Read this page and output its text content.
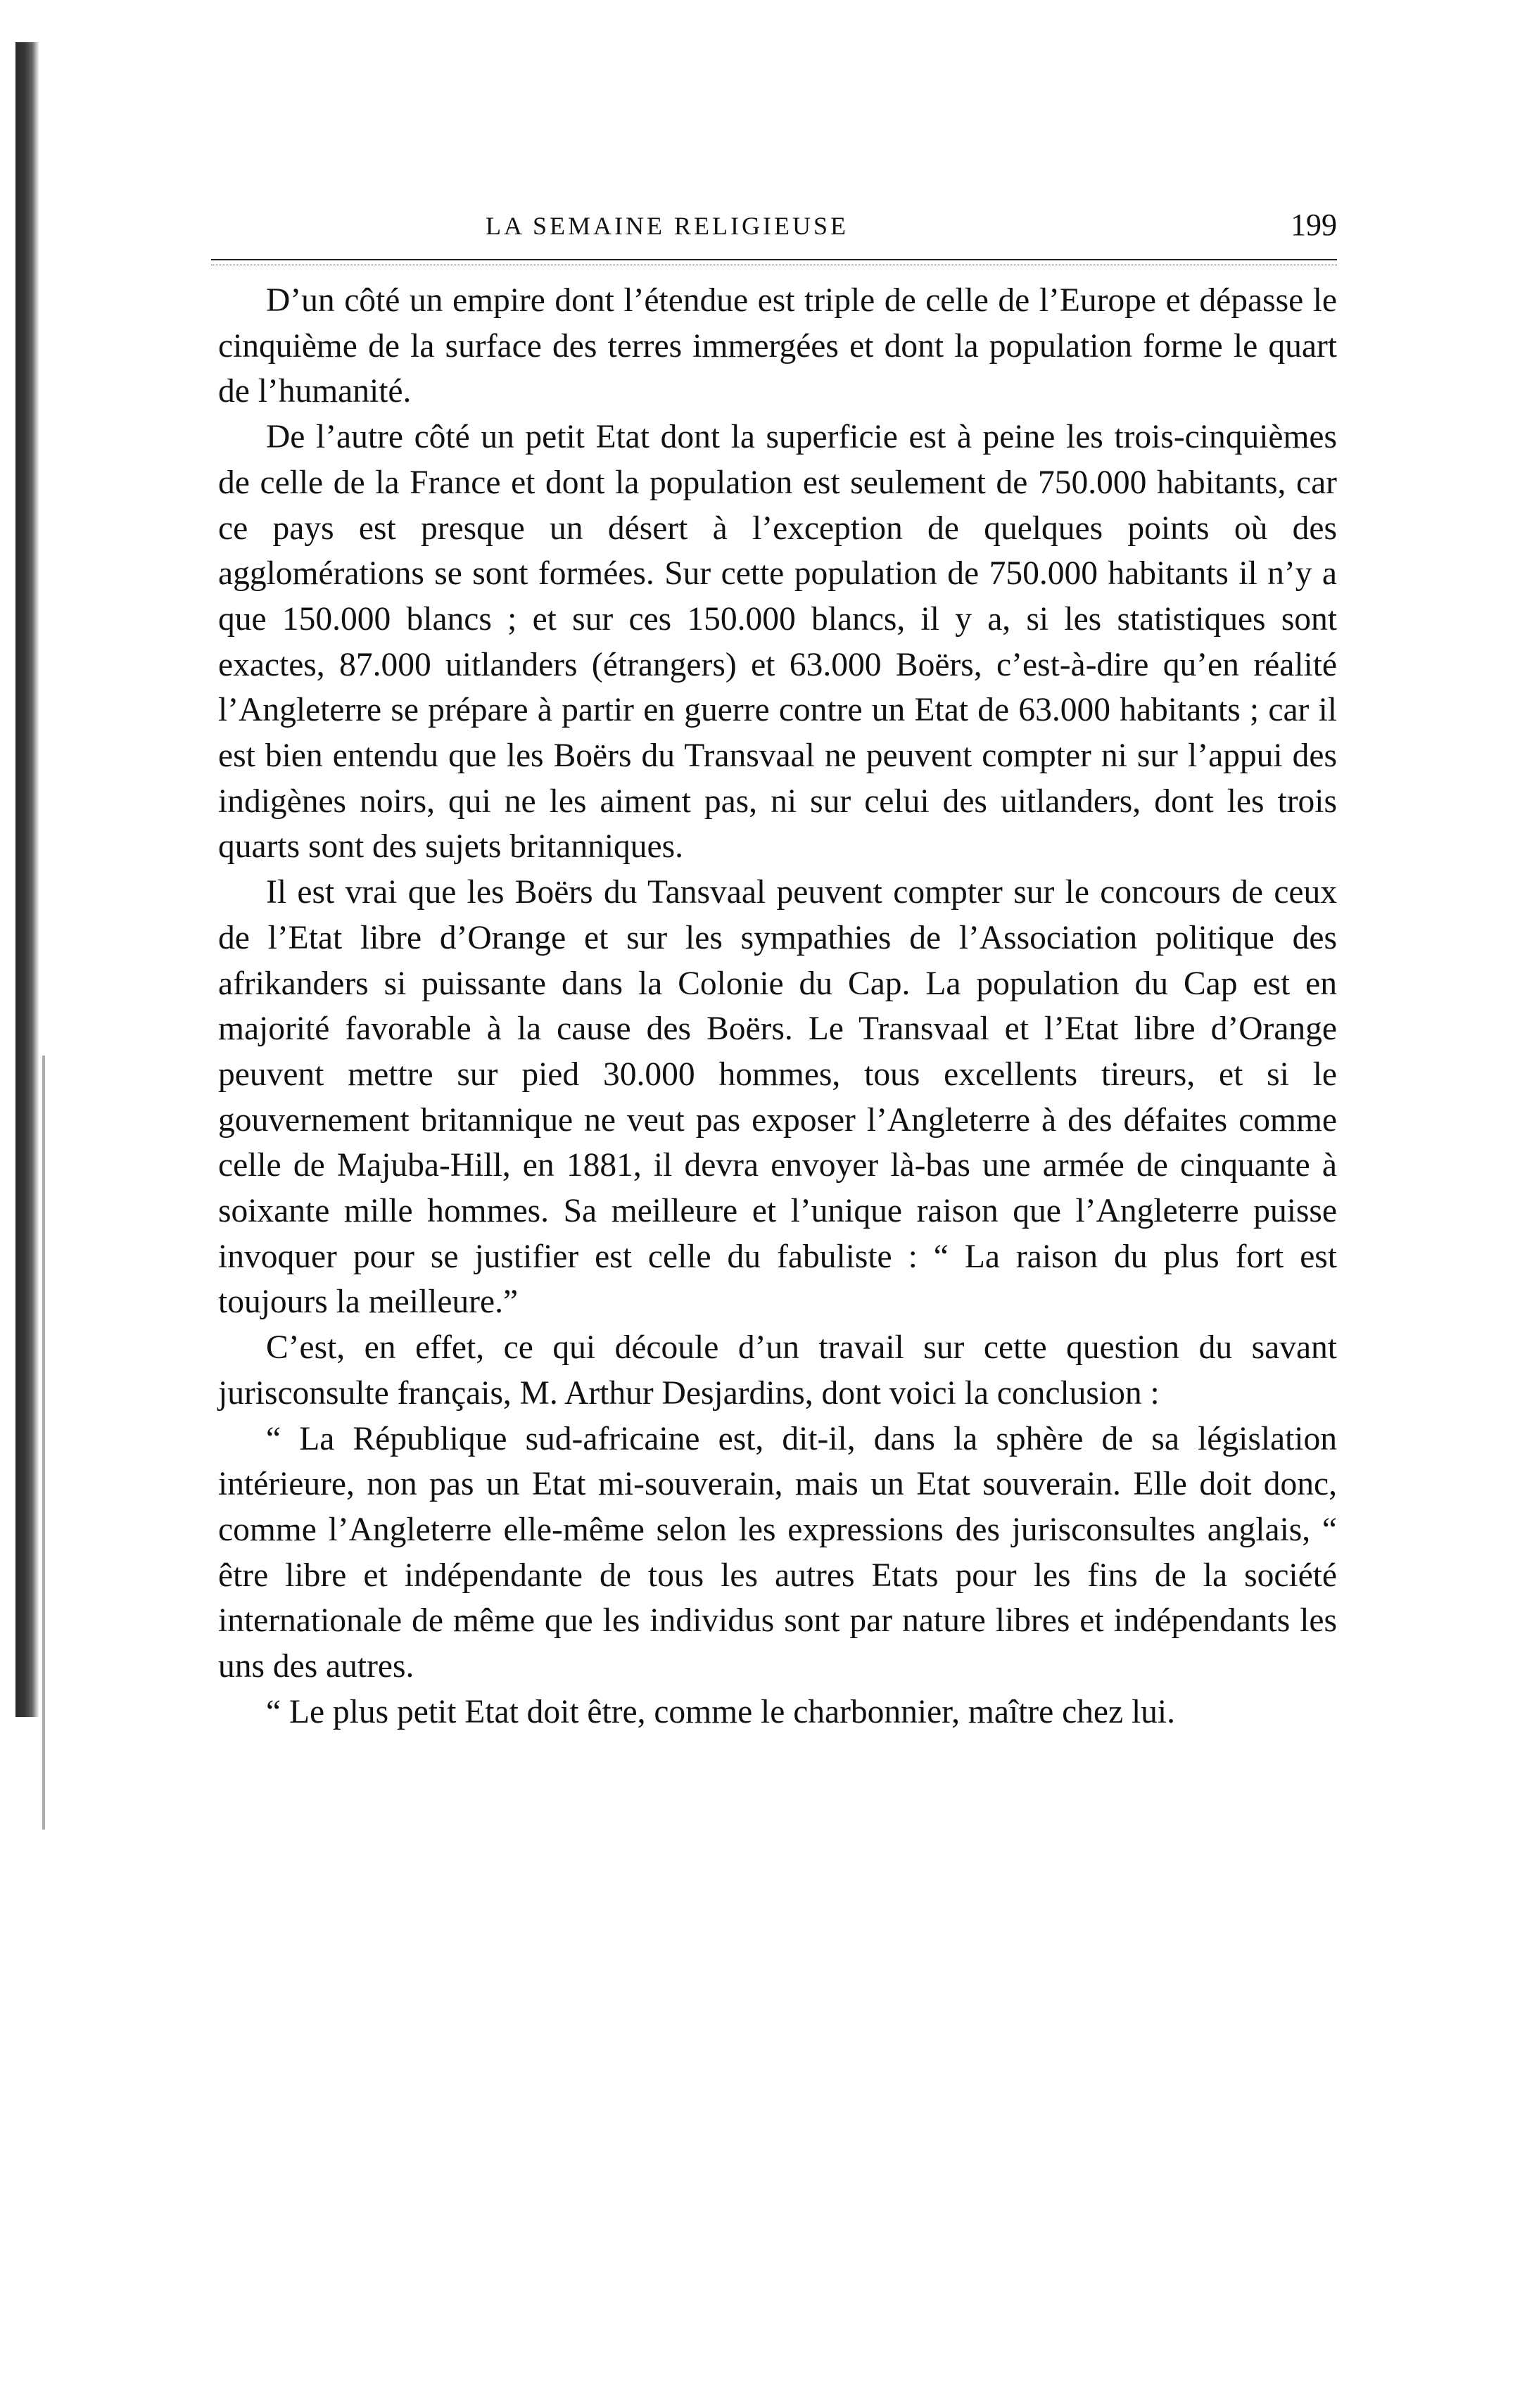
LA SEMAINE RELIGIEUSE	199

D’un côté un empire dont l’étendue est triple de celle de l’Europe et dépasse le cinquième de la surface des terres immergées et dont la population forme le quart de l’humanité.

De l’autre côté un petit Etat dont la superficie est à peine les trois-cinquièmes de celle de la France et dont la population est seulement de 750.000 habitants, car ce pays est presque un désert à l’exception de quelques points où des agglomérations se sont formées. Sur cette population de 750.000 habitants il n’y a que 150.000 blancs ; et sur ces 150.000 blancs, il y a, si les statistiques sont exactes, 87.000 uitlanders (étrangers) et 63.000 Boërs, c’est-à-dire qu’en réalité l’Angleterre se prépare à partir en guerre contre un Etat de 63.000 habitants ; car il est bien entendu que les Boërs du Transvaal ne peuvent compter ni sur l’appui des indigènes noirs, qui ne les aiment pas, ni sur celui des uitlanders, dont les trois quarts sont des sujets britanniques.

Il est vrai que les Boërs du Tansvaal peuvent compter sur le concours de ceux de l’Etat libre d’Orange et sur les sympathies de l’Association politique des afrikanders si puissante dans la Colonie du Cap. La population du Cap est en majorité favorable à la cause des Boërs. Le Transvaal et l’Etat libre d’Orange peuvent mettre sur pied 30.000 hommes, tous excellents tireurs, et si le gouvernement britannique ne veut pas exposer l’Angleterre à des défaites comme celle de Majuba-Hill, en 1881, il devra envoyer là-bas une armée de cinquante à soixante mille hommes. Sa meilleure et l’unique raison que l’Angleterre puisse invoquer pour se justifier est celle du fabuliste : “ La raison du plus fort est toujours la meilleure.”

C’est, en effet, ce qui découle d’un travail sur cette question du savant jurisconsulte français, M. Arthur Desjardins, dont voici la conclusion :

“ La République sud-africaine est, dit-il, dans la sphère de sa législation intérieure, non pas un Etat mi-souverain, mais un Etat souverain. Elle doit donc, comme l’Angleterre elle-même selon les expressions des jurisconsultes anglais, “ être libre et indépendante de tous les autres Etats pour les fins de la société internationale de même que les individus sont par nature libres et indépendants les uns des autres.

“ Le plus petit Etat doit être, comme le charbonnier, maître chez lui.
